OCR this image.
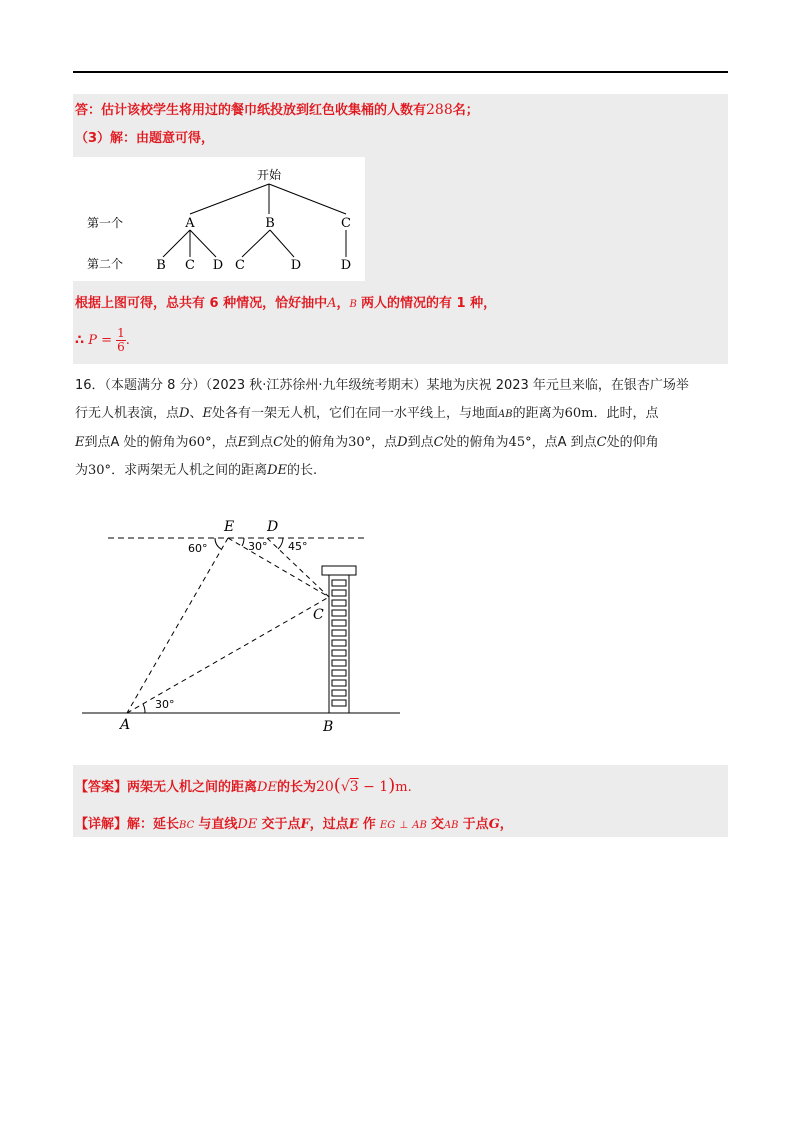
答：估计该校学生将用过的餐巾纸投放到红色收集桶的人数有288名；
（3）解：由题意可得，
开始
第一个
第二个
A	B	C
B C D C	D	D
根据上图可得，总共有 6 种情况，恰好抽中A，B 两人的情况的有 1 种，
∴ $P = \frac{1}{6}$ .
16．（本题满分 8 分）（2023 秋·江苏徐州·九年级统考期末）某地为庆祝 2023 年元旦来临，在银杏广场举
行无人机表演，点D、E处各有一架无人机，它们在同一水平线上，与地面AB的距离为60m．此时，点
E到点A 处的俯角为60°，点E到点C处的俯角为30°，点D到点C处的俯角为45°，点A 到点C处的仰角
为30°．求两架无人机之间的距离DE的长.
E D
C
A	B
60°	30° 45°
30°
【答案】两架无人机之间的距离DE的长为20(√3 − 1)m.
【详解】解：延长BC 与直线DE 交于点F，过点E 作 EG ⊥ AB 交AB 于点G，
